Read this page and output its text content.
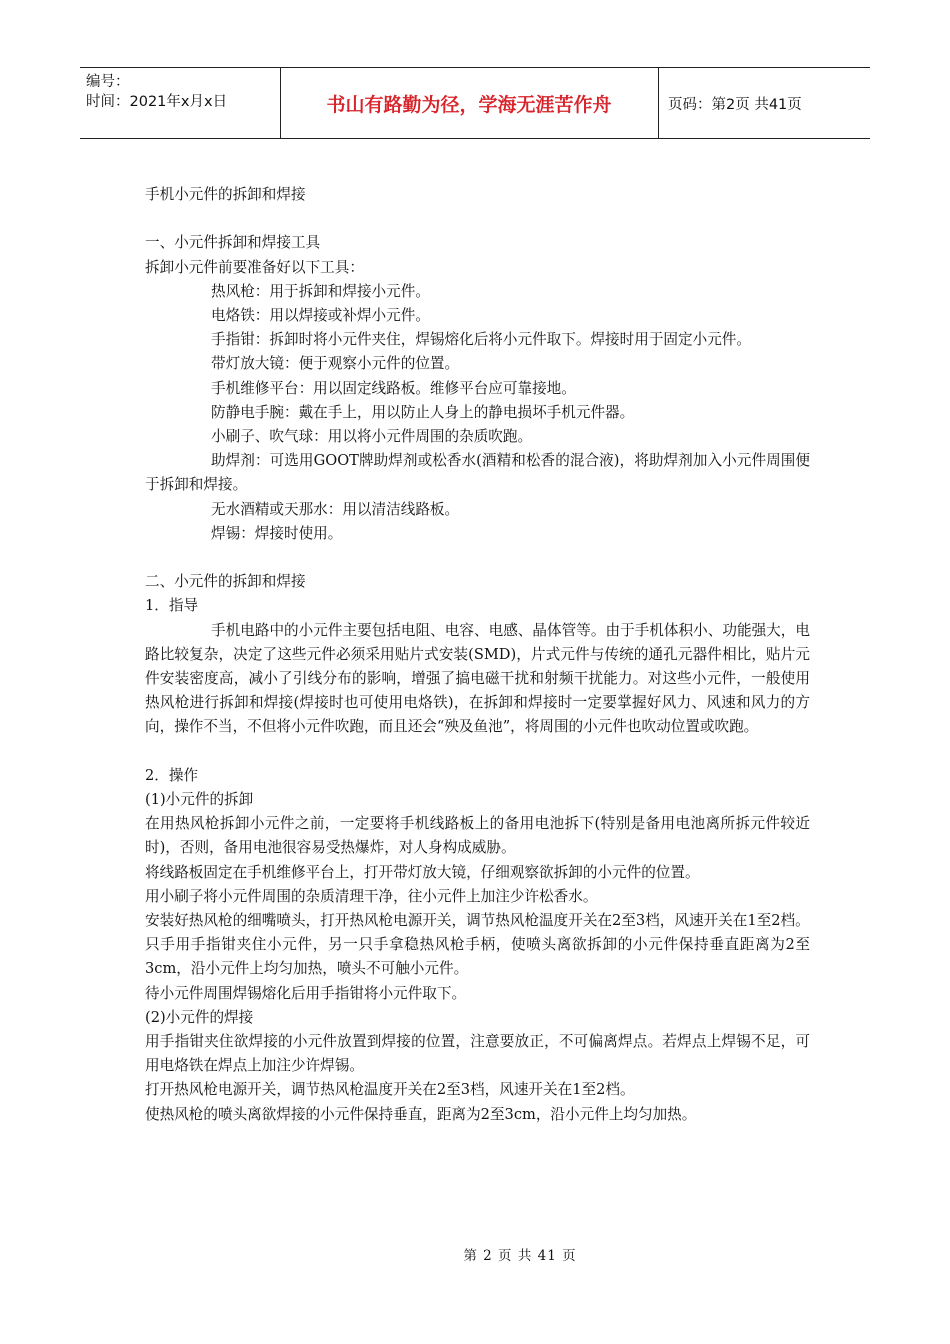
编号：
时间：2021年x月x日	书山有路勤为径，学海无涯苦作舟	页码：第2页 共41页

手机小元件的拆卸和焊接

一、小元件拆卸和焊接工具

拆卸小元件前要准备好以下工具：

热风枪：用于拆卸和焊接小元件。

电烙铁：用以焊接或补焊小元件。

手指钳：拆卸时将小元件夹住，焊锡熔化后将小元件取下。焊接时用于固定小元件。

带灯放大镜：便于观察小元件的位置。

手机维修平台：用以固定线路板。维修平台应可靠接地。

防静电手腕：戴在手上，用以防止人身上的静电损坏手机元件器。

小刷子、吹气球：用以将小元件周围的杂质吹跑。

助焊剂：可选用GOOT牌助焊剂或松香水(酒精和松香的混合液)，将助焊剂加入小元件周围便于拆卸和焊接。

无水酒精或天那水：用以清洁线路板。

焊锡：焊接时使用。

二、小元件的拆卸和焊接

1．指导

手机电路中的小元件主要包括电阻、电容、电感、晶体管等。由于手机体积小、功能强大，电路比较复杂，决定了这些元件必须采用贴片式安装(SMD)，片式元件与传统的通孔元器件相比，贴片元件安装密度高，减小了引线分布的影响，增强了搞电磁干扰和射频干扰能力。对这些小元件，一般使用热风枪进行拆卸和焊接(焊接时也可使用电烙铁)，在拆卸和焊接时一定要掌握好风力、风速和风力的方向，操作不当，不但将小元件吹跑，而且还会“殃及鱼池”，将周围的小元件也吹动位置或吹跑。

2．操作

(1)小元件的拆卸

在用热风枪拆卸小元件之前，一定要将手机线路板上的备用电池拆下(特别是备用电池离所拆元件较近时)，否则，备用电池很容易受热爆炸，对人身构成威胁。

将线路板固定在手机维修平台上，打开带灯放大镜，仔细观察欲拆卸的小元件的位置。

用小刷子将小元件周围的杂质清理干净，往小元件上加注少许松香水。

安装好热风枪的细嘴喷头，打开热风枪电源开关，调节热风枪温度开关在2至3档，风速开关在1至2档。

只手用手指钳夹住小元件，另一只手拿稳热风枪手柄，使喷头离欲拆卸的小元件保持垂直距离为2至3cm，沿小元件上均匀加热，喷头不可触小元件。

待小元件周围焊锡熔化后用手指钳将小元件取下。

(2)小元件的焊接

用手指钳夹住欲焊接的小元件放置到焊接的位置，注意要放正，不可偏离焊点。若焊点上焊锡不足，可用电烙铁在焊点上加注少许焊锡。

打开热风枪电源开关，调节热风枪温度开关在2至3档，风速开关在1至2档。

使热风枪的喷头离欲焊接的小元件保持垂直，距离为2至3cm，沿小元件上均匀加热。

第 2 页 共 41 页
